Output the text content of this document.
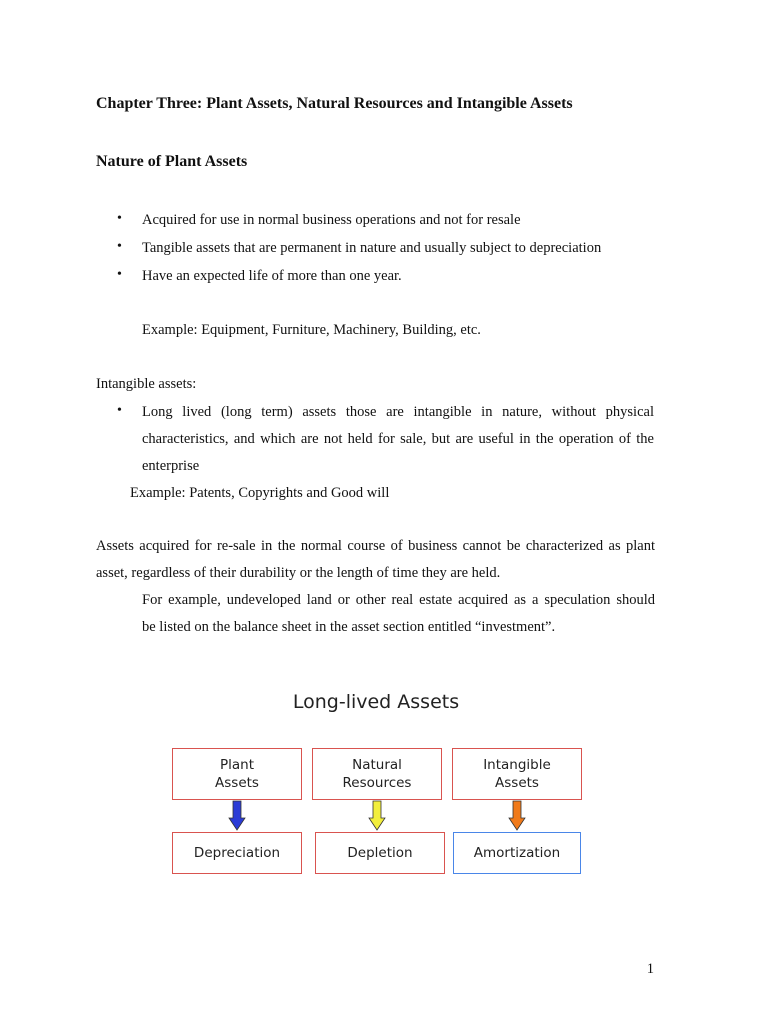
Chapter Three: Plant Assets, Natural Resources and Intangible Assets
Nature of Plant Assets
• Acquired for use in normal business operations and not for resale
• Tangible assets that are permanent in nature and usually subject to depreciation
• Have an expected life of more than one year.
Example: Equipment, Furniture, Machinery, Building, etc.
Intangible assets:
• Long lived (long term) assets those are intangible in nature, without physical
characteristics, and which are not held for sale, but are useful in the operation of the
enterprise
Example: Patents, Copyrights and Good will
Assets acquired for re-sale in the normal course of business cannot be characterized as plant
asset, regardless of their durability or the length of time they are held.
For example, undeveloped land or other real estate acquired as a speculation should
be listed on the balance sheet in the asset section entitled “investment”.
Long-lived Assets
Plant
Assets
Natural
Resources
Intangible
Assets
Depreciation	Depletion	Amortization
1
